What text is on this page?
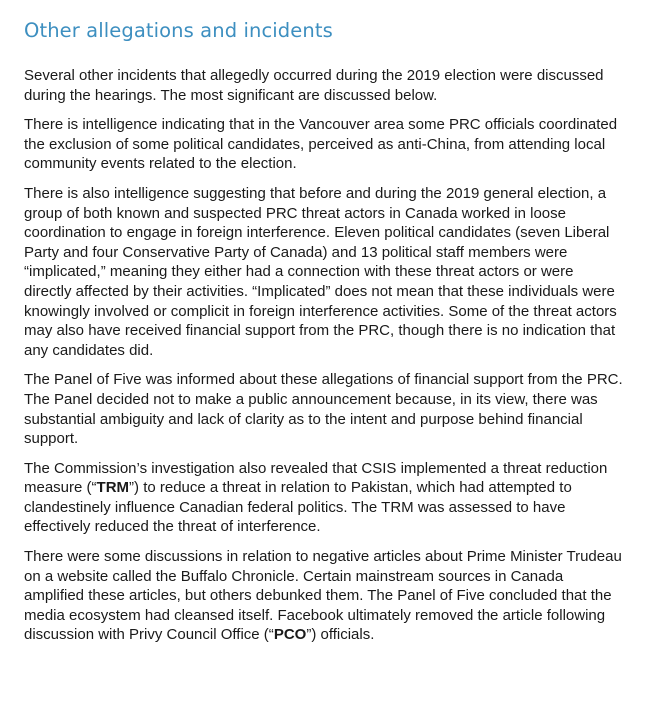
Other allegations and incidents

Several other incidents that allegedly occurred during the 2019 election were discussed during the hearings. The most significant are discussed below.

There is intelligence indicating that in the Vancouver area some PRC officials coordinated the exclusion of some political candidates, perceived as anti-China, from attending local community events related to the election.

There is also intelligence suggesting that before and during the 2019 general election, a group of both known and suspected PRC threat actors in Canada worked in loose coordination to engage in foreign interference. Eleven political candidates (seven Liberal Party and four Conservative Party of Canada) and 13 political staff members were “implicated,” meaning they either had a connection with these threat actors or were directly affected by their activities. “Implicated” does not mean that these individuals were knowingly involved or complicit in foreign interference activities. Some of the threat actors may also have received financial support from the PRC, though there is no indication that any candidates did.

The Panel of Five was informed about these allegations of financial support from the PRC. The Panel decided not to make a public announcement because, in its view, there was substantial ambiguity and lack of clarity as to the intent and purpose behind financial support.

The Commission’s investigation also revealed that CSIS implemented a threat reduction measure (“TRM”) to reduce a threat in relation to Pakistan, which had attempted to clandestinely influence Canadian federal politics. The TRM was assessed to have effectively reduced the threat of interference.

There were some discussions in relation to negative articles about Prime Minister Trudeau on a website called the Buffalo Chronicle. Certain mainstream sources in Canada amplified these articles, but others debunked them. The Panel of Five concluded that the media ecosystem had cleansed itself. Facebook ultimately removed the article following discussion with Privy Council Office (“PCO”) officials.
